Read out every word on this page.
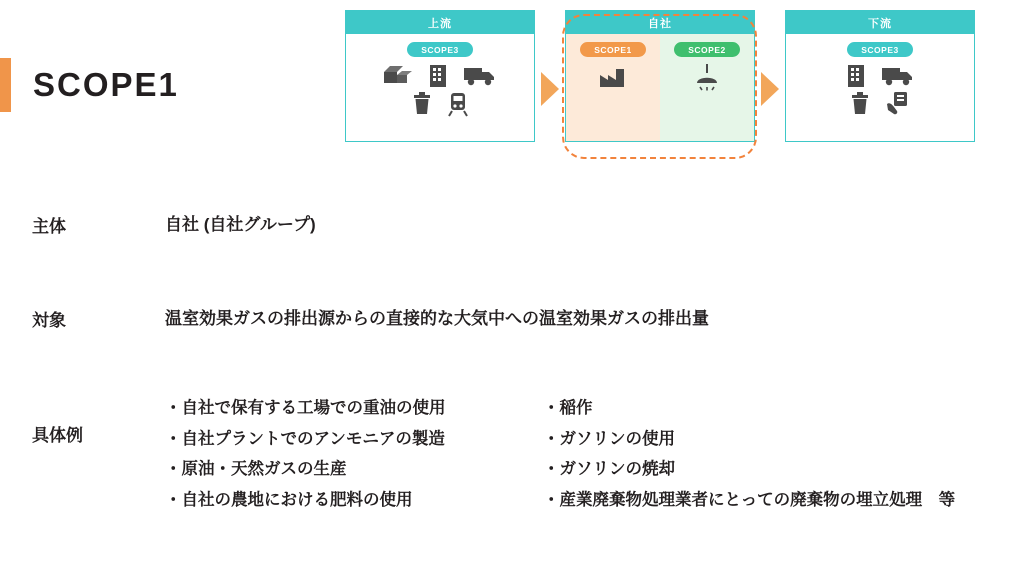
SCOPE1
上流
SCOPE3
自社
SCOPE1	SCOPE2
下流
SCOPE3
主体	自社 (自社グループ)
対象	温室効果ガスの排出源からの直接的な大気中への温室効果ガスの排出量
具体例
・自社で保有する工場での重油の使用
・自社プラントでのアンモニアの製造
・原油・天然ガスの生産
・自社の農地における肥料の使用
・稲作
・ガソリンの使用
・ガソリンの焼却
・産業廃棄物処理業者にとっての廃棄物の埋立処理　等
